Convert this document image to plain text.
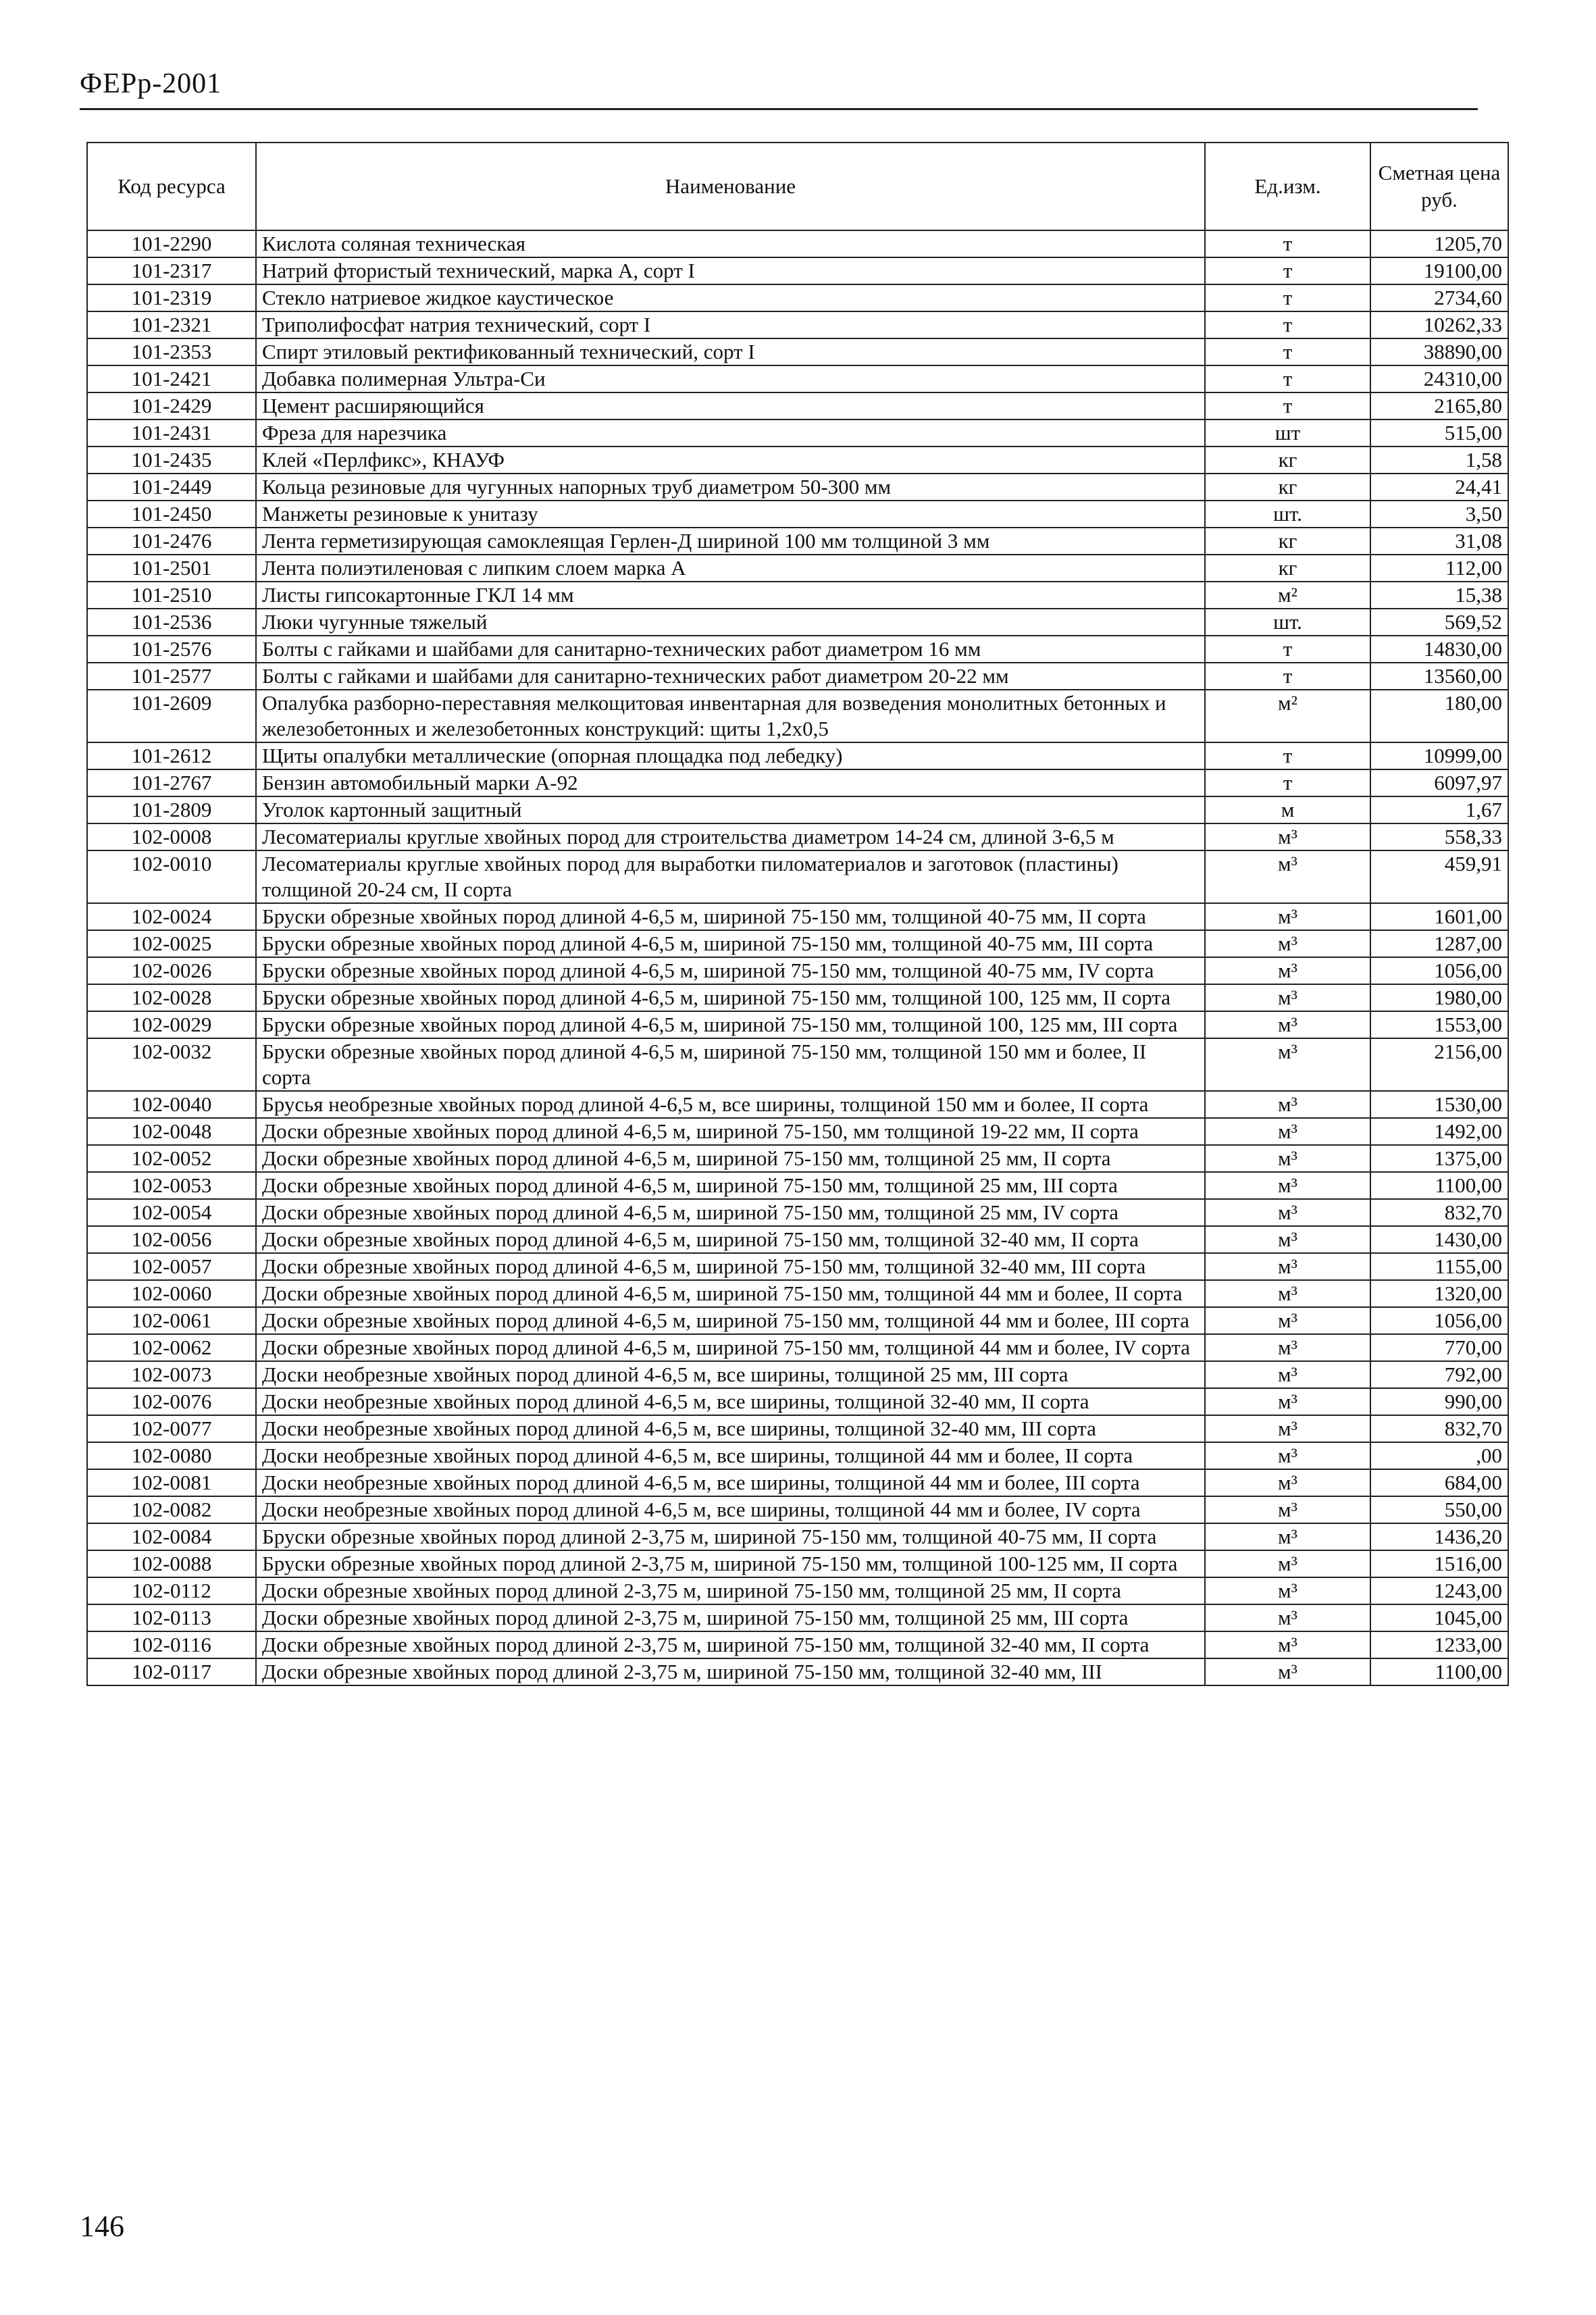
ФЕРр-2001
Код ресурса	Наименование	Ед.изм.	Сметная цена руб.
101-2290	Кислота соляная техническая	т	1205,70
101-2317	Натрий фтористый технический, марка А, сорт I	т	19100,00
101-2319	Стекло натриевое жидкое каустическое	т	2734,60
101-2321	Триполифосфат натрия технический, сорт I	т	10262,33
101-2353	Спирт этиловый ректификованный технический, сорт I	т	38890,00
101-2421	Добавка полимерная Ультра-Си	т	24310,00
101-2429	Цемент расширяющийся	т	2165,80
101-2431	Фреза для нарезчика	шт	515,00
101-2435	Клей «Перлфикс», КНАУФ	кг	1,58
101-2449	Кольца резиновые для чугунных напорных труб диаметром 50-300 мм	кг	24,41
101-2450	Манжеты резиновые к унитазу	шт.	3,50
101-2476	Лента герметизирующая самоклеящая Герлен-Д шириной 100 мм толщиной 3 мм	кг	31,08
101-2501	Лента полиэтиленовая с липким слоем марка А	кг	112,00
101-2510	Листы гипсокартонные ГКЛ 14 мм	м²	15,38
101-2536	Люки чугунные тяжелый	шт.	569,52
101-2576	Болты с гайками и шайбами для санитарно-технических работ диаметром 16 мм	т	14830,00
101-2577	Болты с гайками и шайбами для санитарно-технических работ диаметром 20-22 мм	т	13560,00
101-2609	Опалубка разборно-переставняя мелкощитовая инвентарная для возведения монолитных бетонных и железобетонных и железобетонных конструкций: щиты 1,2х0,5	м²	180,00
101-2612	Щиты опалубки металлические (опорная площадка под лебедку)	т	10999,00
101-2767	Бензин автомобильный марки А-92	т	6097,97
101-2809	Уголок картонный защитный	м	1,67
102-0008	Лесоматериалы круглые хвойных пород для строительства диаметром 14-24 см, длиной 3-6,5 м	м³	558,33
102-0010	Лесоматериалы круглые хвойных пород для выработки пиломатериалов и заготовок (пластины) толщиной 20-24 см, II сорта	м³	459,91
102-0024	Бруски обрезные хвойных пород длиной 4-6,5 м, шириной 75-150 мм, толщиной 40-75 мм, II сорта	м³	1601,00
102-0025	Бруски обрезные хвойных пород длиной 4-6,5 м, шириной 75-150 мм, толщиной 40-75 мм, III сорта	м³	1287,00
102-0026	Бруски обрезные хвойных пород длиной 4-6,5 м, шириной 75-150 мм, толщиной 40-75 мм, IV сорта	м³	1056,00
102-0028	Бруски обрезные хвойных пород длиной 4-6,5 м, шириной 75-150 мм, толщиной 100, 125 мм, II сорта	м³	1980,00
102-0029	Бруски обрезные хвойных пород длиной 4-6,5 м, шириной 75-150 мм, толщиной 100, 125 мм, III сорта	м³	1553,00
102-0032	Бруски обрезные хвойных пород длиной 4-6,5 м, шириной 75-150 мм, толщиной 150 мм и более, II сорта	м³	2156,00
102-0040	Брусья необрезные хвойных пород длиной 4-6,5 м, все ширины, толщиной 150 мм и более, II сорта	м³	1530,00
102-0048	Доски обрезные хвойных пород длиной 4-6,5 м, шириной 75-150, мм толщиной 19-22 мм, II сорта	м³	1492,00
102-0052	Доски обрезные хвойных пород длиной 4-6,5 м, шириной 75-150 мм, толщиной 25 мм, II сорта	м³	1375,00
102-0053	Доски обрезные хвойных пород длиной 4-6,5 м, шириной 75-150 мм, толщиной 25 мм, III сорта	м³	1100,00
102-0054	Доски обрезные хвойных пород длиной 4-6,5 м, шириной 75-150 мм, толщиной 25 мм, IV сорта	м³	832,70
102-0056	Доски обрезные хвойных пород длиной 4-6,5 м, шириной 75-150 мм, толщиной 32-40 мм, II сорта	м³	1430,00
102-0057	Доски обрезные хвойных пород длиной 4-6,5 м, шириной 75-150 мм, толщиной 32-40 мм, III сорта	м³	1155,00
102-0060	Доски обрезные хвойных пород длиной 4-6,5 м, шириной 75-150 мм, толщиной 44 мм и более, II сорта	м³	1320,00
102-0061	Доски обрезные хвойных пород длиной 4-6,5 м, шириной 75-150 мм, толщиной 44 мм и более, III сорта	м³	1056,00
102-0062	Доски обрезные хвойных пород длиной 4-6,5 м, шириной 75-150 мм, толщиной 44 мм и более, IV сорта	м³	770,00
102-0073	Доски необрезные хвойных пород длиной 4-6,5 м, все ширины, толщиной 25 мм, III сорта	м³	792,00
102-0076	Доски необрезные хвойных пород длиной 4-6,5 м, все ширины, толщиной 32-40 мм, II сорта	м³	990,00
102-0077	Доски необрезные хвойных пород длиной 4-6,5 м, все ширины, толщиной 32-40 мм, III сорта	м³	832,70
102-0080	Доски необрезные хвойных пород длиной 4-6,5 м, все ширины, толщиной 44 мм и более, II сорта	м³	,00
102-0081	Доски необрезные хвойных пород длиной 4-6,5 м, все ширины, толщиной 44 мм и более, III сорта	м³	684,00
102-0082	Доски необрезные хвойных пород длиной 4-6,5 м, все ширины, толщиной 44 мм и более, IV сорта	м³	550,00
102-0084	Бруски обрезные хвойных пород длиной 2-3,75 м, шириной 75-150 мм, толщиной 40-75 мм, II сорта	м³	1436,20
102-0088	Бруски обрезные хвойных пород длиной 2-3,75 м, шириной 75-150 мм, толщиной 100-125 мм, II сорта	м³	1516,00
102-0112	Доски обрезные хвойных пород длиной 2-3,75 м, шириной 75-150 мм, толщиной 25 мм, II сорта	м³	1243,00
102-0113	Доски обрезные хвойных пород длиной 2-3,75 м, шириной 75-150 мм, толщиной 25 мм, III сорта	м³	1045,00
102-0116	Доски обрезные хвойных пород длиной 2-3,75 м, шириной 75-150 мм, толщиной 32-40 мм, II сорта	м³	1233,00
102-0117	Доски обрезные хвойных пород длиной 2-3,75 м, шириной 75-150 мм, толщиной 32-40 мм, III	м³	1100,00
146
